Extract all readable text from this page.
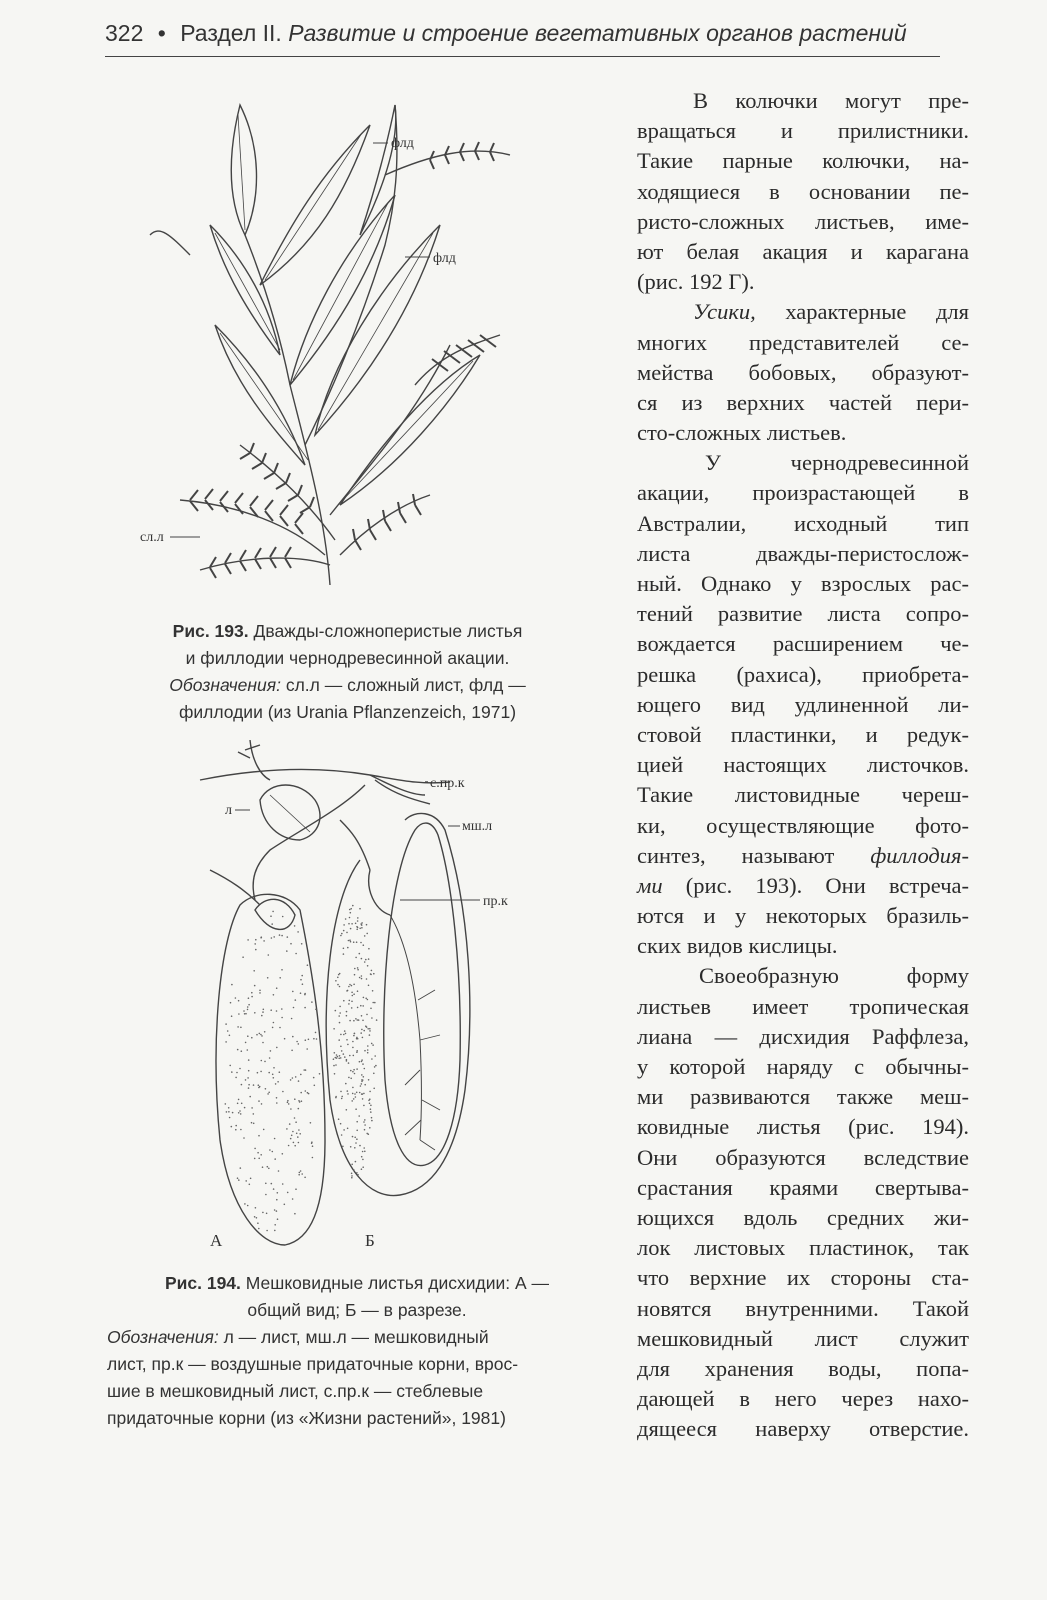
322 • Раздел II. Развитие и строение вегетативных органов растений
флд
флд
сл.л
Рис. 193. Дважды-сложноперистые листья
и филлодии чернодревесинной акации.
Обозначения: сл.л — сложный лист, флд —
филлодии (из Urania Pflanzenzeich, 1971)
с.пр.к
л
мш.л
пр.к
А	Б
Рис. 194. Мешковидные листья дисхидии: А —
общий вид; Б — в разрезе.
Обозначения: л — лист, мш.л — мешковидный
лист, пр.к — воздушные придаточные корни, врос-
шие в мешковидный лист, с.пр.к — стеблевые
придаточные корни (из «Жизни растений», 1981)
В колючки могут пре-
вращаться и прилистники.
Такие парные колючки, на-
ходящиеся в основании пе-
ристо-сложных листьев, име-
ют белая акация и карагана
(рис. 192 Г).
Усики, характерные для
многих представителей се-
мейства бобовых, образуют-
ся из верхних частей пери-
сто-сложных листьев.
У чернодревесинной
акации, произрастающей в
Австралии, исходный тип
листа дважды-перистослож-
ный. Однако у взрослых рас-
тений развитие листа сопро-
вождается расширением че-
решка (рахиса), приобрета-
ющего вид удлиненной ли-
стовой пластинки, и редук-
цией настоящих листочков.
Такие листовидные череш-
ки, осуществляющие фото-
синтез, называют филлодия-
ми (рис. 193). Они встреча-
ются и у некоторых бразиль-
ских видов кислицы.
Своеобразную форму
листьев имеет тропическая
лиана — дисхидия Раффлеза,
у которой наряду с обычны-
ми развиваются также меш-
ковидные листья (рис. 194).
Они образуются вследствие
срастания краями свертыва-
ющихся вдоль средних жи-
лок листовых пластинок, так
что верхние их стороны ста-
новятся внутренними. Такой
мешковидный лист служит
для хранения воды, попа-
дающей в него через нахо-
дящееся наверху отверстие.
